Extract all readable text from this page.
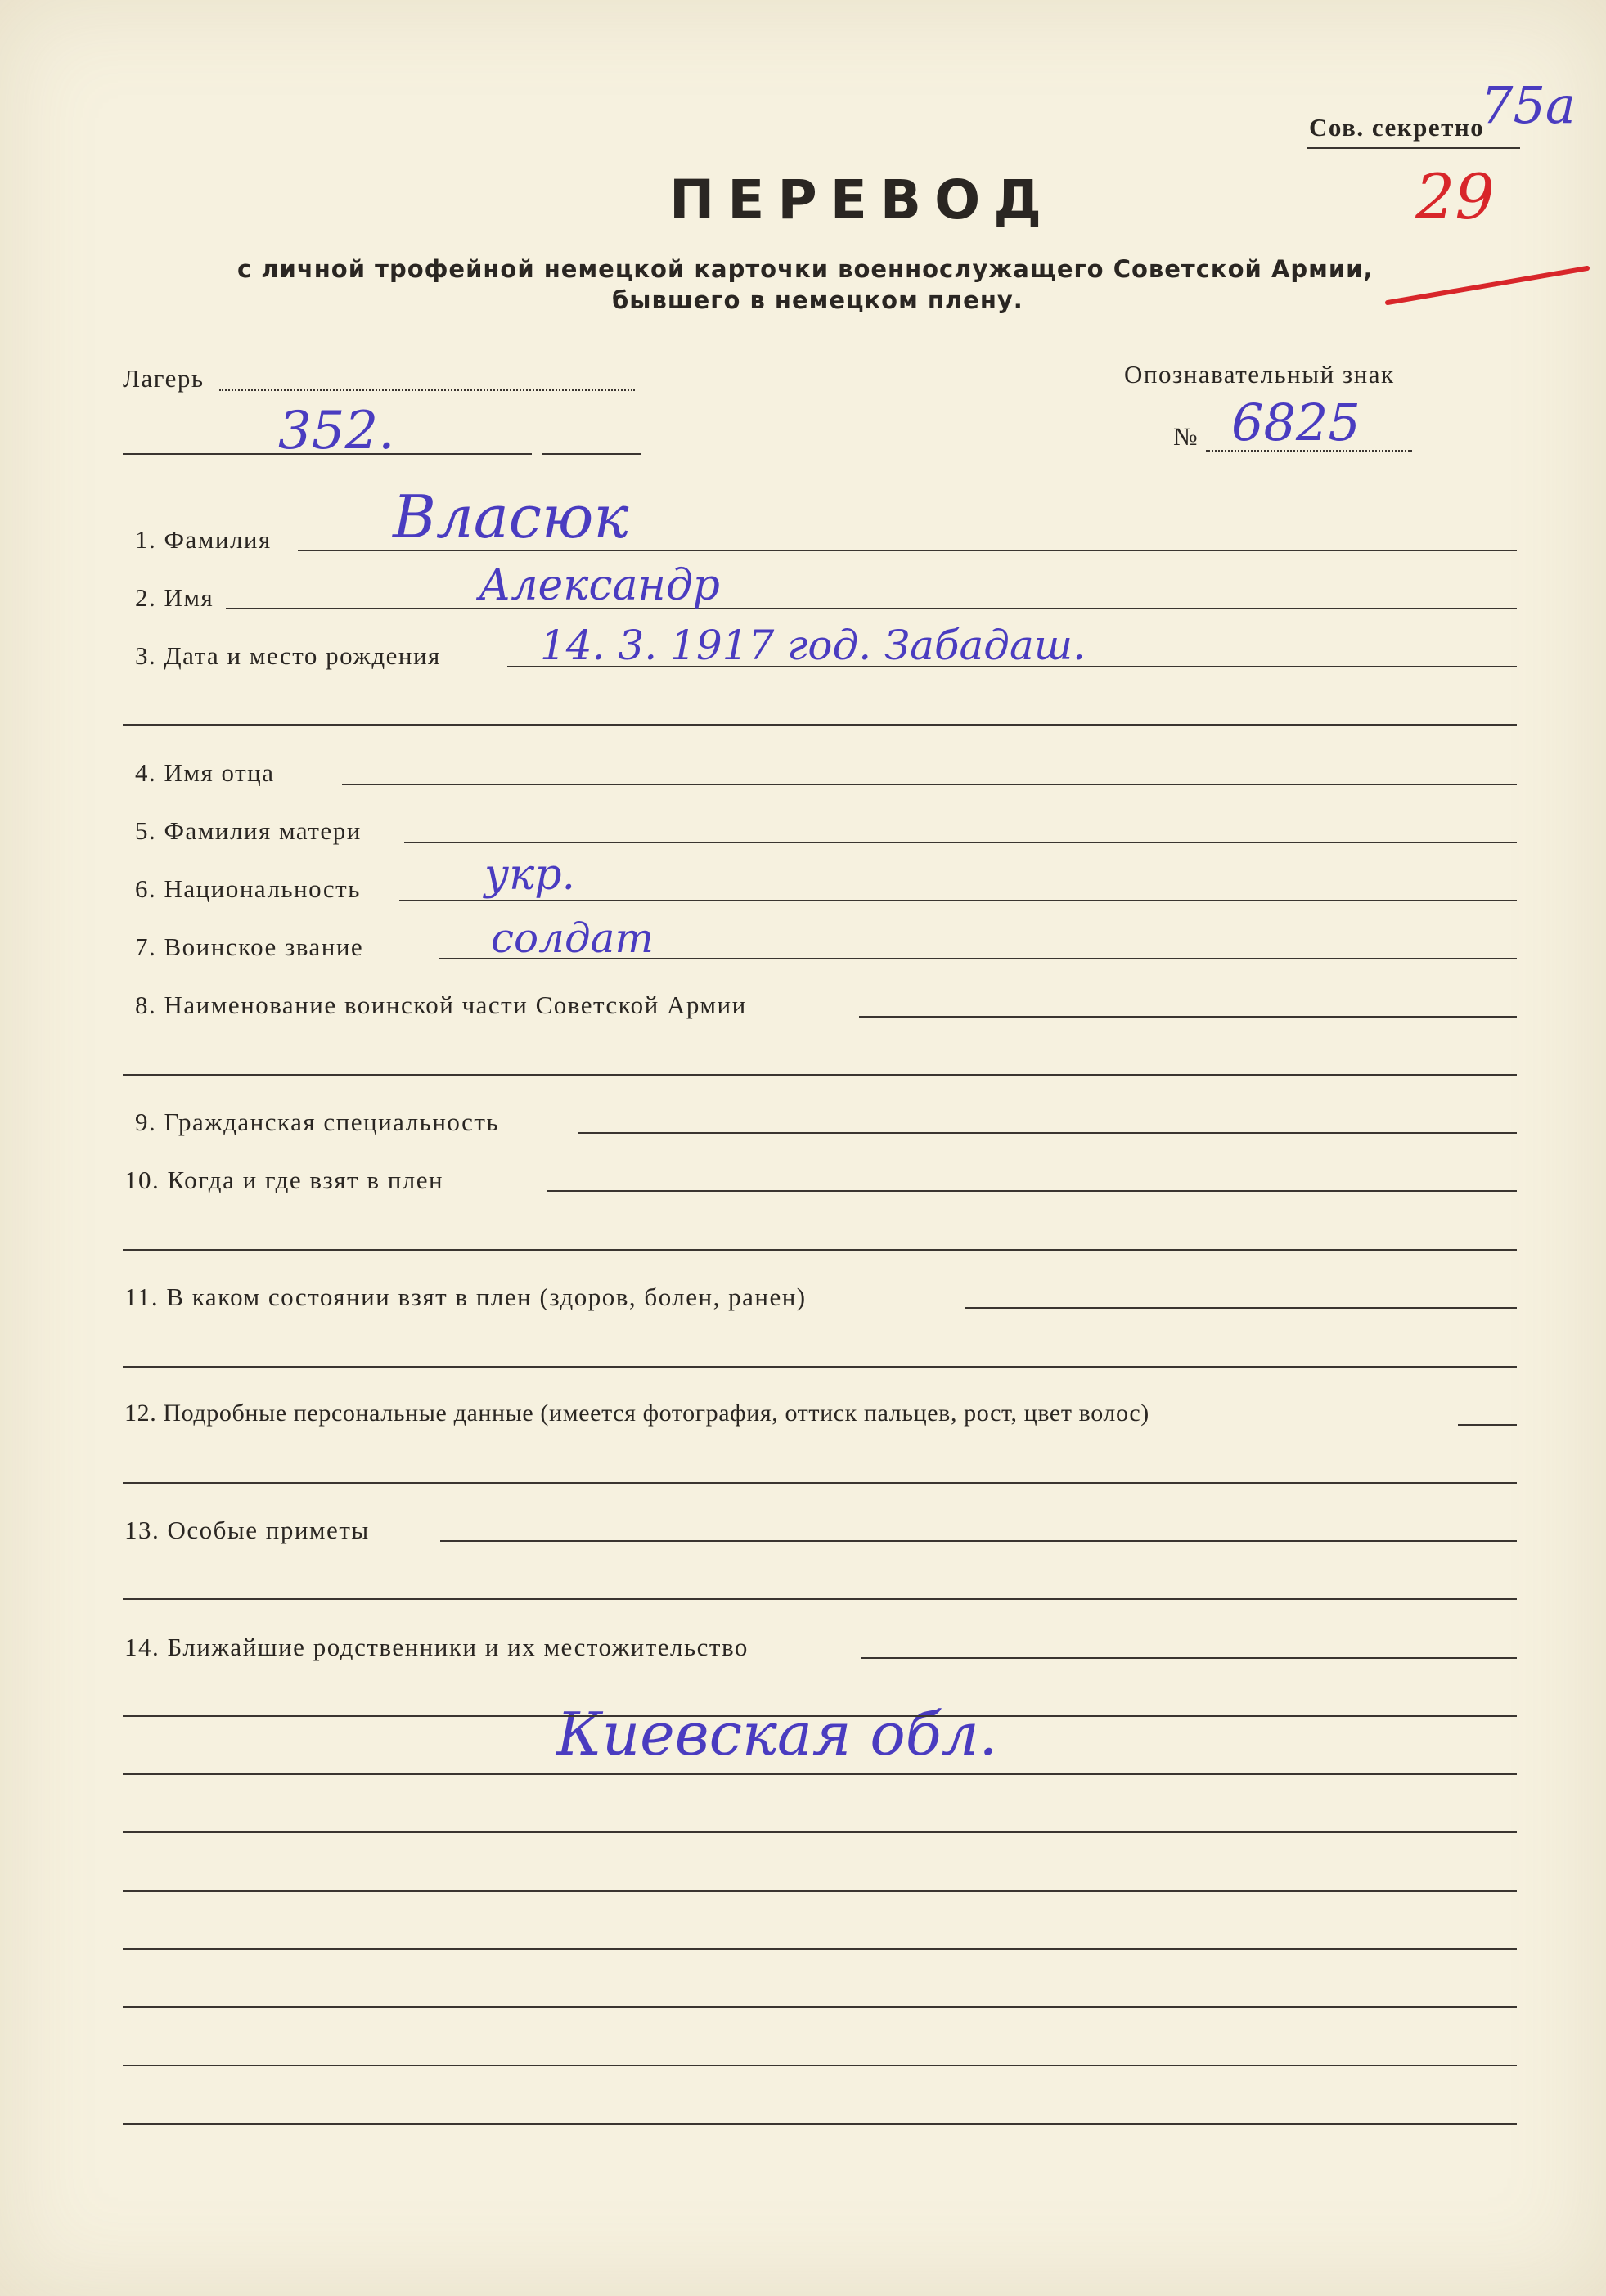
Сов. секретно
75а
29
ПЕРЕВОД
с личной трофейной немецкой карточки военнослужащего Советской Армии,
бывшего в немецком плену.
Лагерь
352.
Опознавательный знак
№ 6825
1. Фамилия Власюк
2. Имя	Александр
3. Дата и место рождения 14. 3. 1917 год. Забадаш.
4. Имя отца
5. Фамилия матери
6. Национальность	укр.
7. Воинское звание	солдат
8. Наименование воинской части Советской Армии
9. Гражданская специальность
10. Когда и где взят в плен
11. В каком состоянии взят в плен (здоров, болен, ранен)
12. Подробные персональные данные (имеется фотография, оттиск пальцев, рост, цвет волос)
13. Особые приметы
14. Ближайшие родственники и их местожительство
Киевская обл.
